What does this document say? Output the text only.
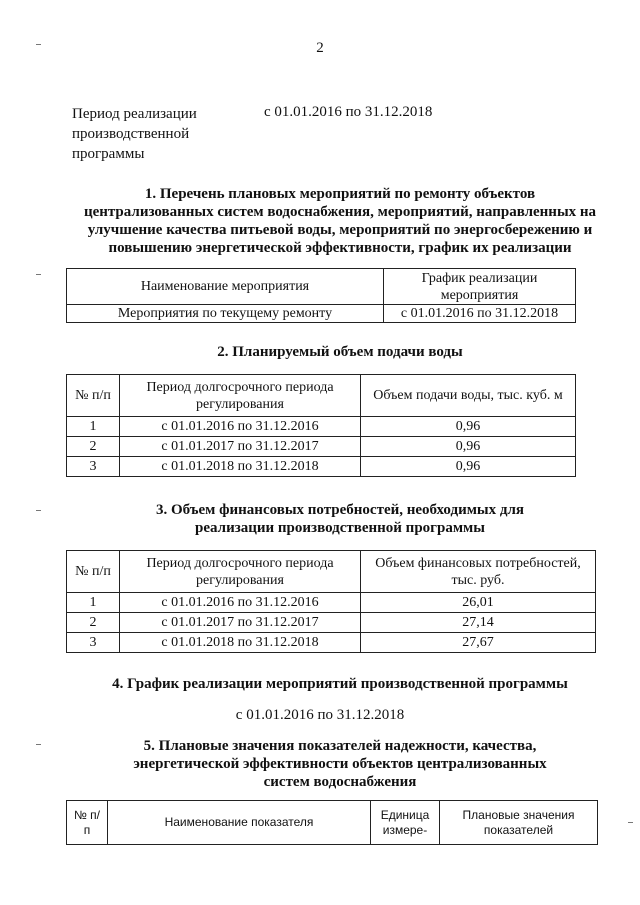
2
Период реализации
производственной
программы
с 01.01.2016 по 31.12.2018
1. Перечень плановых мероприятий по ремонту объектов
централизованных систем водоснабжения, мероприятий, направленных на
улучшение качества питьевой воды, мероприятий по энергосбережению и
повышению энергетической эффективности, график их реализации
Наименование мероприятия	График реализации мероприятия
Мероприятия по текущему ремонту	с 01.01.2016 по 31.12.2018
2. Планируемый объем подачи воды
№ п/п	Период долгосрочного периода регулирования	Объем подачи воды, тыс. куб. м
1	с 01.01.2016 по 31.12.2016	0,96
2	с 01.01.2017 по 31.12.2017	0,96
3	с 01.01.2018 по 31.12.2018	0,96
3. Объем финансовых потребностей, необходимых для
реализации производственной программы
№ п/п	Период долгосрочного периода регулирования	Объем финансовых потребностей, тыс. руб.
1	с 01.01.2016 по 31.12.2016	26,01
2	с 01.01.2017 по 31.12.2017	27,14
3	с 01.01.2018 по 31.12.2018	27,67
4. График реализации мероприятий производственной программы
с 01.01.2016 по 31.12.2018
5. Плановые значения показателей надежности, качества,
энергетической эффективности объектов централизованных
систем водоснабжения
№ п/п	Наименование показателя	Единица измере-	Плановые значения показателей
